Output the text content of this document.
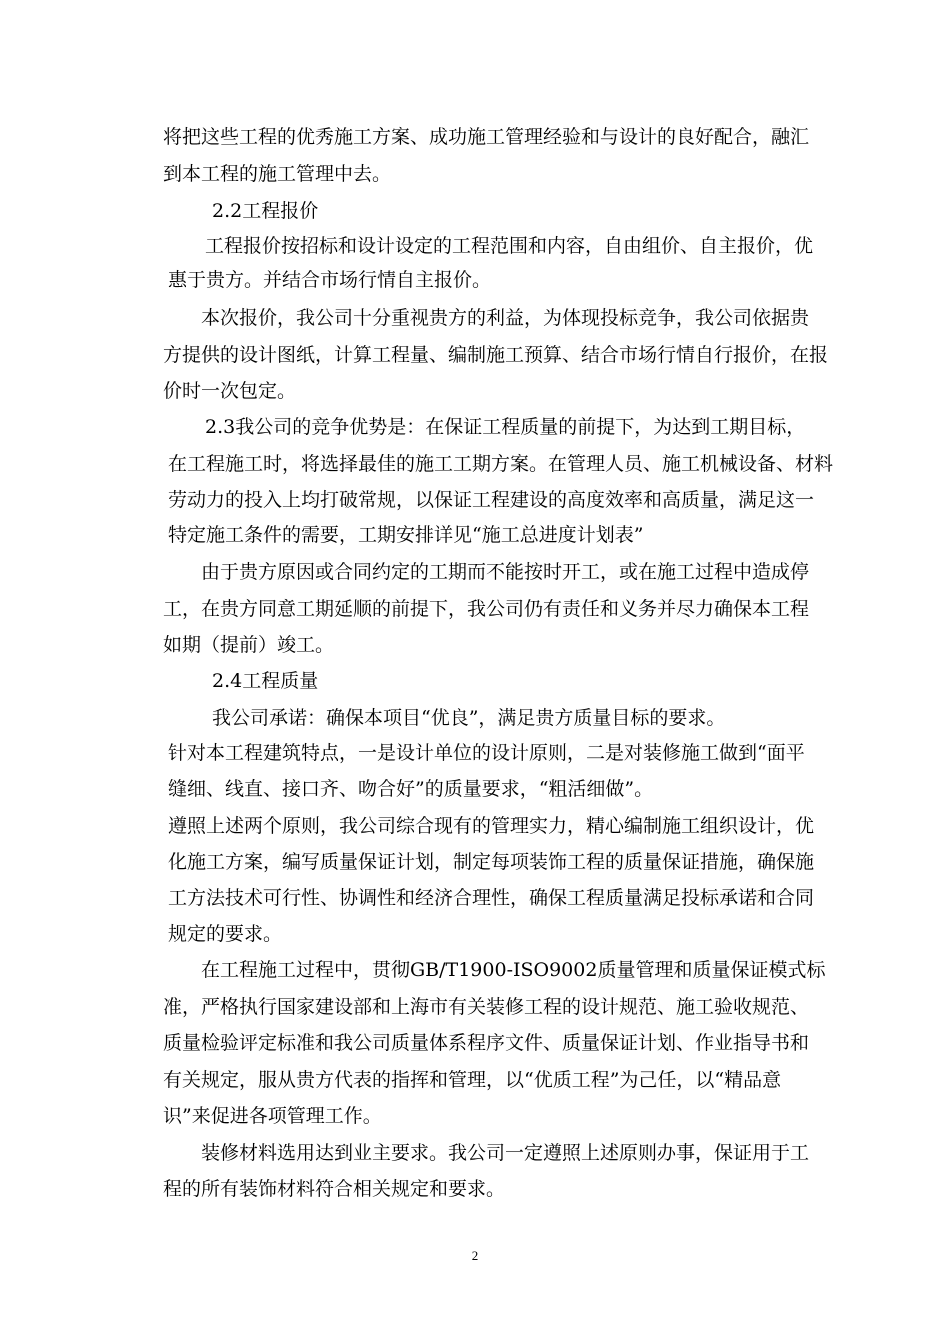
将把这些工程的优秀施工方案、成功施工管理经验和与设计的良好配合，融汇
到本工程的施工管理中去。
2.2工程报价
工程报价按招标和设计设定的工程范围和内容，自由组价、自主报价，优
惠于贵方。并结合市场行情自主报价。
本次报价，我公司十分重视贵方的利益，为体现投标竞争，我公司依据贵
方提供的设计图纸，计算工程量、编制施工预算、结合市场行情自行报价，在报
价时一次包定。
2.3我公司的竞争优势是：在保证工程质量的前提下，为达到工期目标，
在工程施工时，将选择最佳的施工工期方案。在管理人员、施工机械设备、材料
劳动力的投入上均打破常规，以保证工程建设的高度效率和高质量，满足这一
特定施工条件的需要，工期安排详见“施工总进度计划表”
由于贵方原因或合同约定的工期而不能按时开工，或在施工过程中造成停
工，在贵方同意工期延顺的前提下，我公司仍有责任和义务并尽力确保本工程
如期（提前）竣工。
2.4工程质量
我公司承诺：确保本项目“优良”，满足贵方质量目标的要求。
针对本工程建筑特点，一是设计单位的设计原则，二是对装修施工做到“面平
缝细、线直、接口齐、吻合好”的质量要求，“粗活细做”。
遵照上述两个原则，我公司综合现有的管理实力，精心编制施工组织设计，优
化施工方案，编写质量保证计划，制定每项装饰工程的质量保证措施，确保施
工方法技术可行性、协调性和经济合理性，确保工程质量满足投标承诺和合同
规定的要求。
在工程施工过程中，贯彻GB/T1900-ISO9002质量管理和质量保证模式标
准，严格执行国家建设部和上海市有关装修工程的设计规范、施工验收规范、
质量检验评定标准和我公司质量体系程序文件、质量保证计划、作业指导书和
有关规定，服从贵方代表的指挥和管理，以“优质工程”为己任，以“精品意
识”来促进各项管理工作。
装修材料选用达到业主要求。我公司一定遵照上述原则办事，保证用于工
程的所有装饰材料符合相关规定和要求。
2
